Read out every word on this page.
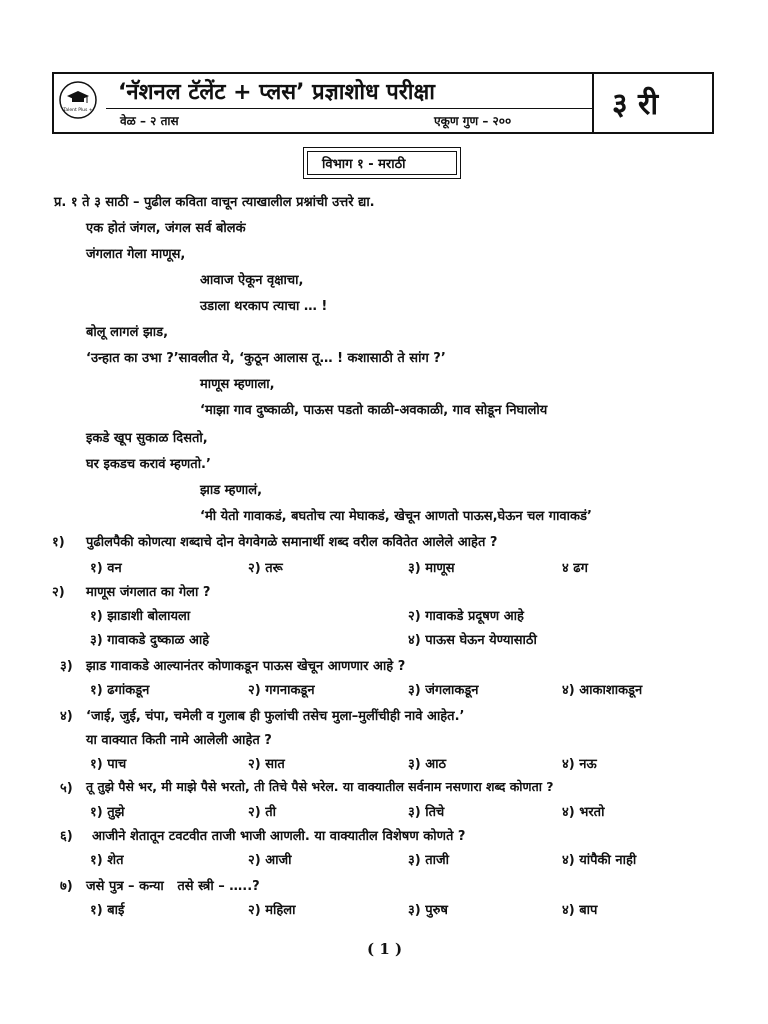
Talent Plus +
‘नॅशनल टॅलेंट + प्लस’ प्रज्ञाशोध परीक्षा	३ री
वेळ – २ तास	एकूण गुण – २००
विभाग १ - मराठी
प्र. १ ते ३ साठी – पुढील कविता वाचून त्याखालील प्रश्नांची उत्तरे द्या.
एक होतं जंगल, जंगल सर्व बोलकं
जंगलात गेला माणूस,
आवाज ऐकून वृक्षाचा,
उडाला थरकाप त्याचा … !
बोलू लागलं झाड,
‘उन्हात का उभा ?’सावलीत ये, ‘कुठून आलास तू… ! कशासाठी ते सांग ?’
माणूस म्हणाला,
‘माझा गाव दुष्काळी, पाऊस पडतो काळी-अवकाळी, गाव सोडून निघालोय
इकडे खूप सुकाळ दिसतो,
घर इकडच करावं म्हणतो.’
झाड म्हणालं,
‘मी येतो गावाकडं, बघतोच त्या मेघाकडं, खेचून आणतो पाऊस,घेऊन चल गावाकडं’
१) पुढीलपैकी कोणत्या शब्दाचे दोन वेगवेगळे समानार्थी शब्द वरील कवितेत आलेले आहेत ?
१) वन	२) तरू	३) माणूस	४ ढग
२) माणूस जंगलात का गेला ?
१) झाडाशी बोलायला	२) गावाकडे प्रदूषण आहे
३) गावाकडे दुष्काळ आहे	४) पाऊस घेऊन येण्यासाठी
३) झाड गावाकडे आल्यानंतर कोणाकडून पाऊस खेचून आणणार आहे ?
१) ढगांकडून	२) गगनाकडून	३) जंगलाकडून	४) आकाशाकडून
४) ‘जाई, जुई, चंपा, चमेली व गुलाब ही फुलांची तसेच मुला–मुलींचीही नावे आहेत.’
या वाक्यात किती नामे आलेली आहेत ?
१) पाच	२) सात	३) आठ	४) नऊ
५) तू तुझे पैसे भर, मी माझे पैसे भरतो, ती तिचे पैसे भरेल. या वाक्यातील सर्वनाम नसणारा शब्द कोणता ?
१) तुझे	२) ती	३) तिचे	४) भरतो
६) आजीने शेतातून टवटवीत ताजी भाजी आणली. या वाक्यातील विशेषण कोणते ?
१) शेत	२) आजी	३) ताजी	४) यांपैकी नाही
७) जसे पुत्र – कन्या   तसे स्त्री – …..?
१) बाई	२) महिला	३) पुरुष	४) बाप
( 1 )
